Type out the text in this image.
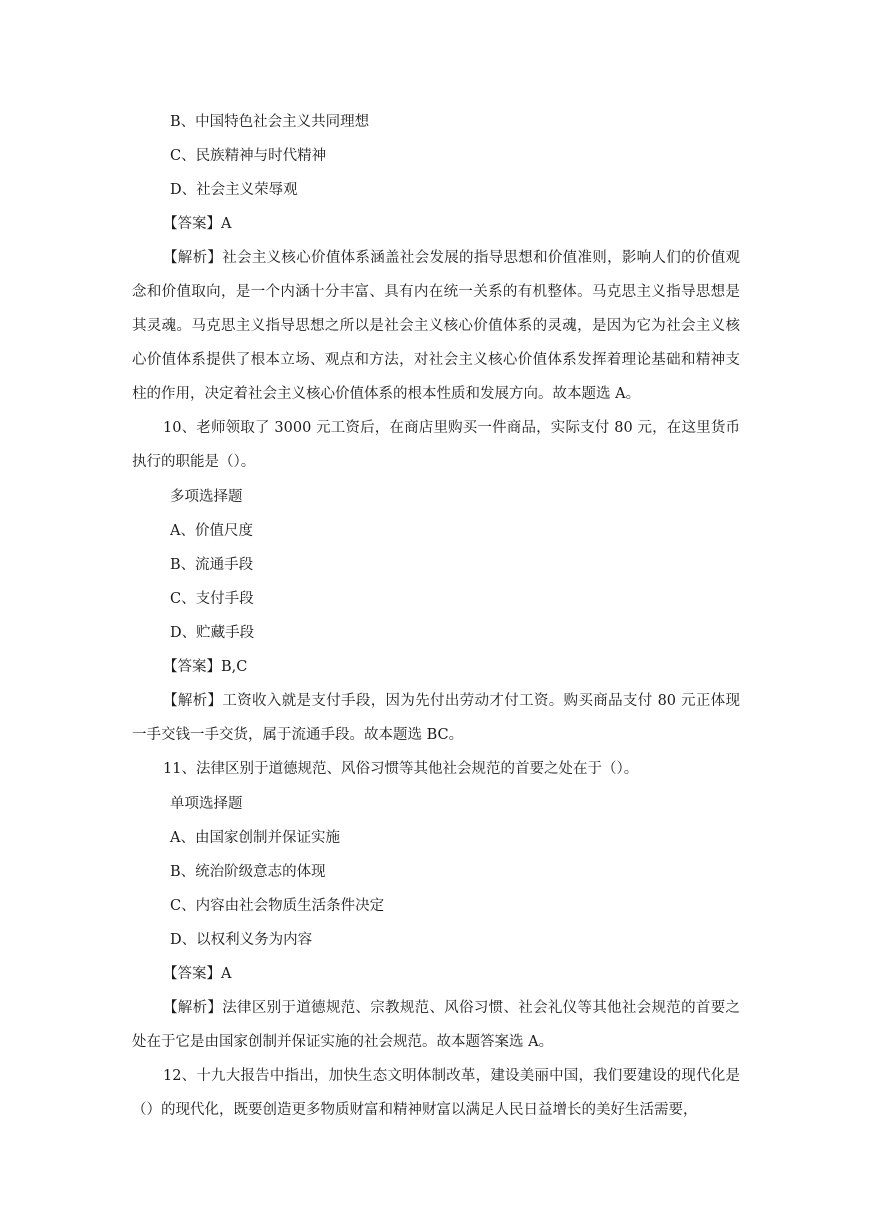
B、中国特色社会主义共同理想
C、民族精神与时代精神
D、社会主义荣辱观
【答案】A

【解析】社会主义核心价值体系涵盖社会发展的指导思想和价值准则，影响人们的价值观念和价值取向，是一个内涵十分丰富、具有内在统一关系的有机整体。马克思主义指导思想是其灵魂。马克思主义指导思想之所以是社会主义核心价值体系的灵魂，是因为它为社会主义核心价值体系提供了根本立场、观点和方法，对社会主义核心价值体系发挥着理论基础和精神支柱的作用，决定着社会主义核心价值体系的根本性质和发展方向。故本题选 A。

10、老师领取了 3000 元工资后，在商店里购买一件商品，实际支付 80 元，在这里货币执行的职能是（）。

多项选择题
A、价值尺度
B、流通手段
C、支付手段
D、贮藏手段
【答案】B,C

【解析】工资收入就是支付手段，因为先付出劳动才付工资。购买商品支付 80 元正体现一手交钱一手交货，属于流通手段。故本题选 BC。

11、法律区别于道德规范、风俗习惯等其他社会规范的首要之处在于（）。

单项选择题
A、由国家创制并保证实施
B、统治阶级意志的体现
C、内容由社会物质生活条件决定
D、以权利义务为内容
【答案】A

【解析】法律区别于道德规范、宗教规范、风俗习惯、社会礼仪等其他社会规范的首要之处在于它是由国家创制并保证实施的社会规范。故本题答案选 A。

12、十九大报告中指出，加快生态文明体制改革，建设美丽中国，我们要建设的现代化是（）的现代化，既要创造更多物质财富和精神财富以满足人民日益增长的美好生活需要，
